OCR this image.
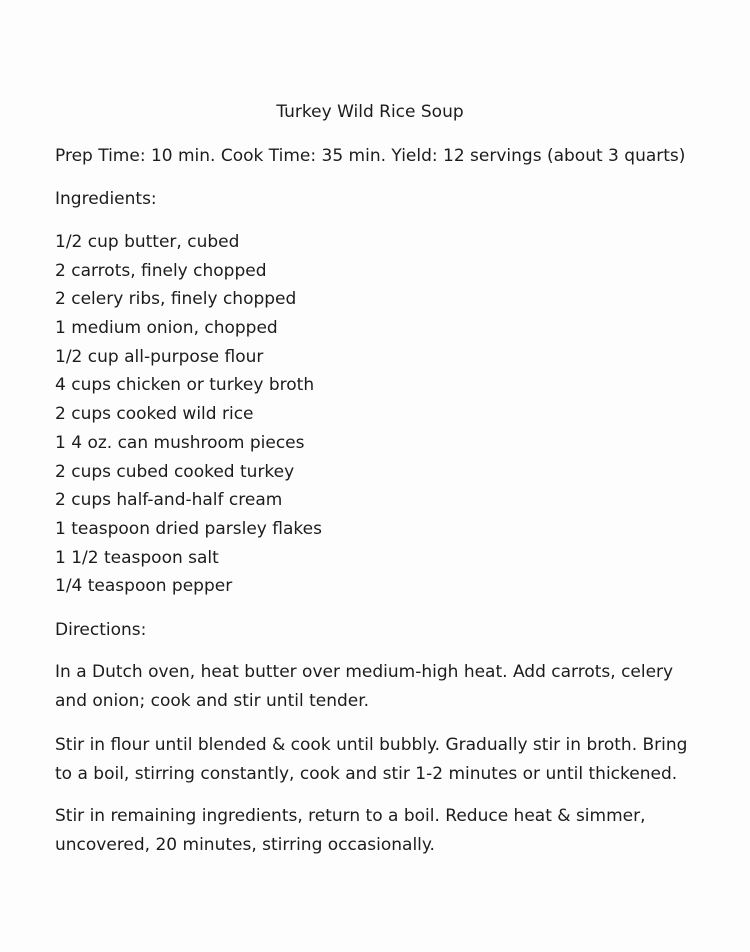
Turkey Wild Rice Soup
Prep Time: 10 min. Cook Time: 35 min. Yield: 12 servings (about 3 quarts)
Ingredients:
1/2 cup butter, cubed
2 carrots, finely chopped
2 celery ribs, finely chopped
1 medium onion, chopped
1/2 cup all-purpose flour
4 cups chicken or turkey broth
2 cups cooked wild rice
1 4 oz. can mushroom pieces
2 cups cubed cooked turkey
2 cups half-and-half cream
1 teaspoon dried parsley flakes
1 1/2 teaspoon salt
1/4 teaspoon pepper
Directions:

In a Dutch oven, heat butter over medium-high heat. Add carrots, celery and onion; cook and stir until tender.

Stir in flour until blended & cook until bubbly. Gradually stir in broth. Bring to a boil, stirring constantly, cook and stir 1-2 minutes or until thickened.

Stir in remaining ingredients, return to a boil. Reduce heat & simmer, uncovered, 20 minutes, stirring occasionally.
